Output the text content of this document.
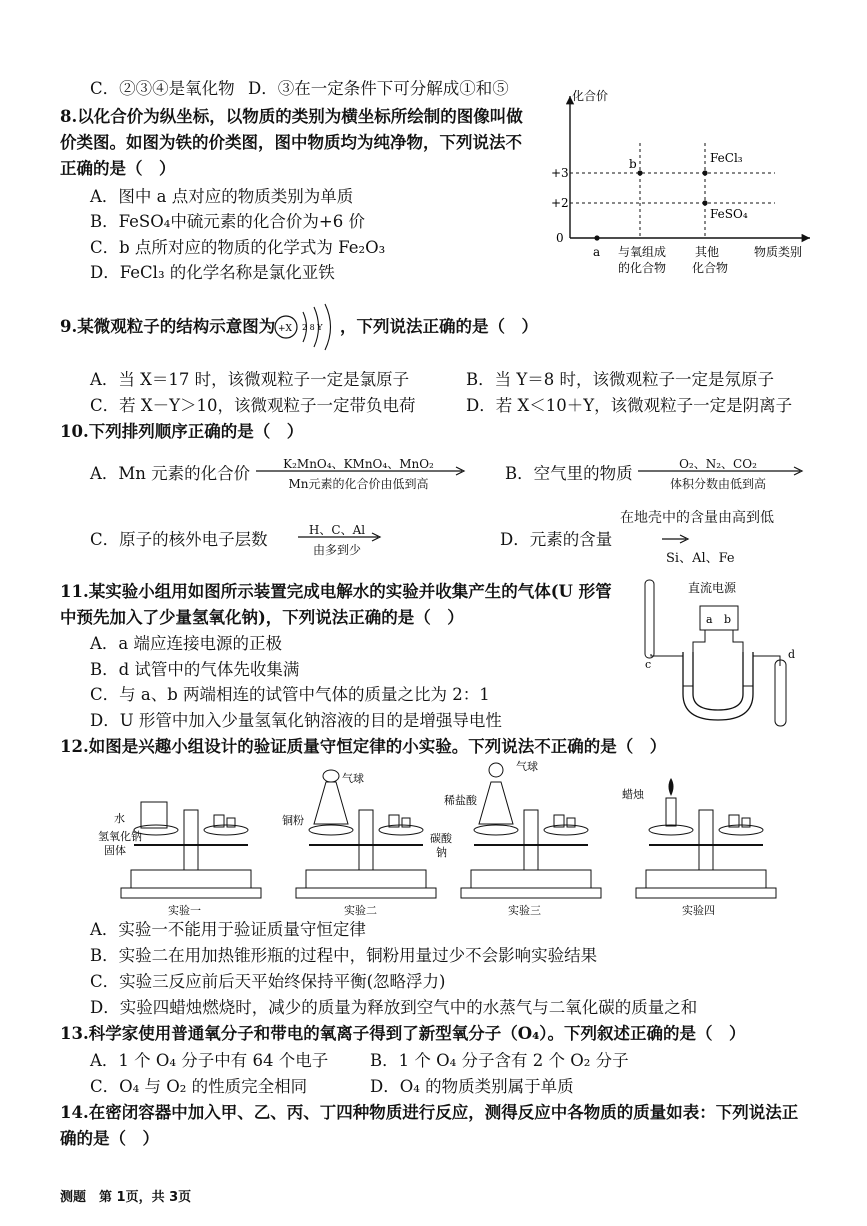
C．②③④是氧化物 D．③在一定条件下可分解成①和⑤
8.以化合价为纵坐标，以物质的类别为横坐标所绘制的图像叫做
价类图。如图为铁的价类图，图中物质均为纯净物，下列说法不
正确的是（　）
A．图中 a 点对应的物质类别为单质
B．FeSO₄中硫元素的化合价为+6 价
C．b 点所对应的物质的化学式为 Fe₂O₃
D．FeCl₃ 的化学名称是氯化亚铁
化合价
+3
+2
0
a
b	FeCl₃
FeSO₄
与氧组成
的化合物
其他
化合物
物质类别
9.某微观粒子的结构示意图为 +X 2 8 Y ，下列说法正确的是（　）
A．当 X＝17 时，该微观粒子一定是氯原子	B．当 Y＝8 时，该微观粒子一定是氖原子
C．若 X－Y＞10，该微观粒子一定带负电荷	D．若 X＜10＋Y，该微观粒子一定是阴离子
10.下列排列顺序正确的是（　）
A．Mn 元素的化合价	K₂MnO₄、KMnO₄、MnO₂
Mn元素的化合价由低到高
B．空气里的物质	O₂、N₂、CO₂
体积分数由低到高
C．原子的核外电子层数	H、C、Al
由多到少
D．元素的含量
在地壳中的含量由高到低
Si、Al、Fe
11.某实验小组用如图所示装置完成电解水的实验并收集产生的气体(U 形管
中预先加入了少量氢氧化钠)，下列说法正确的是（　）
A．a 端应连接电源的正极
B．d 试管中的气体先收集满
C．与 a、b 两端相连的试管中气体的质量之比为 2：1
D．U 形管中加入少量氢氧化钠溶液的目的是增强导电性
直流电源
a b
c
d
12.如图是兴趣小组设计的验证质量守恒定律的小实验。下列说法不正确的是（　）
水
氢氧化钠
固体
实验一
气球
铜粉
实验二
气球
稀盐酸
碳酸
钠
实验三
蜡烛
实验四
A．实验一不能用于验证质量守恒定律
B．实验二在用加热锥形瓶的过程中，铜粉用量过少不会影响实验结果
C．实验三反应前后天平始终保持平衡(忽略浮力)
D．实验四蜡烛燃烧时，减少的质量为释放到空气中的水蒸气与二氧化碳的质量之和
13.科学家使用普通氧分子和带电的氧离子得到了新型氧分子（O₄）。下列叙述正确的是（　）
A．1 个 O₄ 分子中有 64 个电子	B．1 个 O₄ 分子含有 2 个 O₂ 分子
C．O₄ 与 O₂ 的性质完全相同	D．O₄ 的物质类别属于单质
14.在密闭容器中加入甲、乙、丙、丁四种物质进行反应，测得反应中各物质的质量如表：下列说法正
确的是（　）
测题　第 1页，共 3页
